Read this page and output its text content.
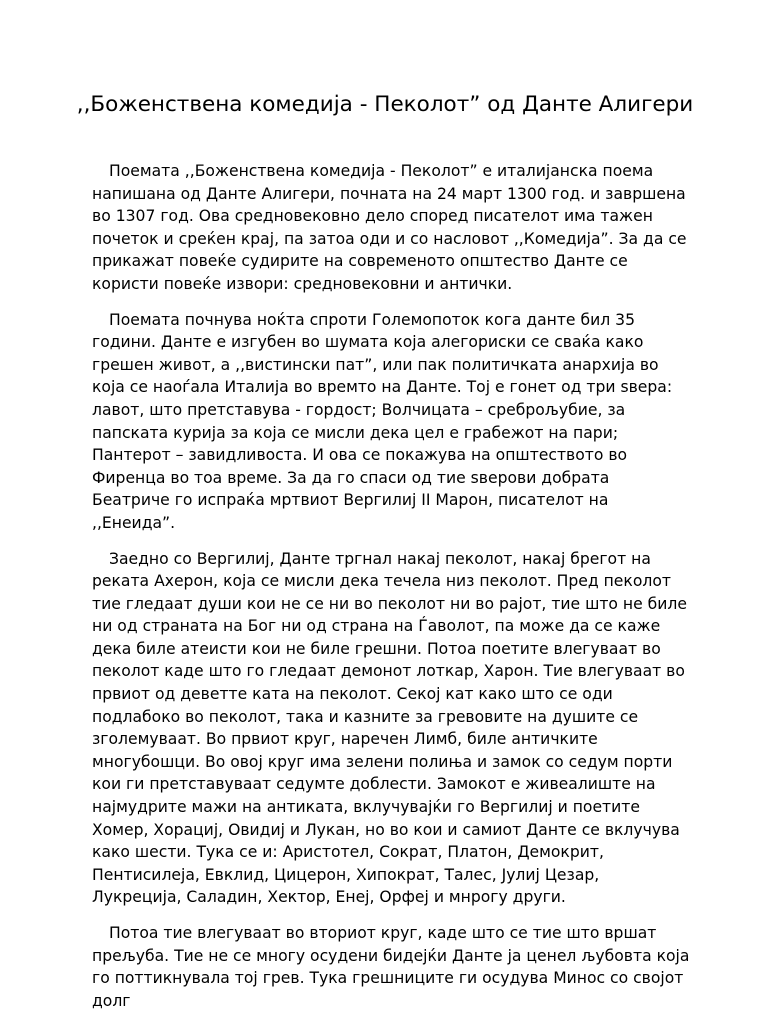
,,Боженствена комедија - Пеколот” од Данте Алигери

Поемата ,,Боженствена комедија - Пеколот” е италијанска поема напишана од Данте Алигери, почната на 24 март 1300 год. и завршена во 1307 год. Ова средновековно дело според писателот има тажен почеток и среќен крај, па затоа оди и со насловот ,,Комедија”. За да се прикажат повеќе судирите на современото општество Данте се користи повеќе извори: средновековни и антички.

Поемата почнува ноќта спроти Големопоток кога данте бил 35 години. Данте е изгубен во шумата која алегориски се сваќа како грешен живот, а ,,вистински пат”, или пак политичката анархија во која се наоѓала Италија во времто на Данте. Тој е гонет од три ѕвера: лавот, што претставува - гордост; Волчицата – среброљубие, за папската курија за која се мисли дека цел е грабежот на пари; Пантерот – завидливоста. И ова се покажува на општеството во Фиренца во тоа време. За да го спаси од тие ѕверови добрата Беатриче го испраќа мртвиот Вергилиј II Марон, писателот на ,,Енеида”.

Заедно со Вергилиј, Данте тргнал накај пеколот, накај брегот на реката Ахерон, која се мисли дека течела низ пеколот. Пред пеколот тие гледаат души кои не се ни во пеколот ни во рајот, тие што не биле ни од страната на Бог ни од страна на Ѓаволот, па може да се каже дека биле атеисти кои не биле грешни. Потоа поетите влегуваат во пеколот каде што го гледаат демонот лоткар, Харон. Тие влегуваат во првиот од деветте ката на пеколот. Секој кат како што се оди подлабоко во пеколот, така и казните за гревовите на душите се зголемуваат. Во првиот круг, наречен Лимб, биле античките многубошци. Во овој круг има зелени полиња и замок со седум порти кои ги претставуваат седумте доблести. Замокот е живеалиште на најмудрите мажи на антиката, вклучувајќи го Вергилиј и поетите Хомер, Хорациј, Овидиј и Лукан, но во кои и самиот Данте се вклучува како шести. Тука се и: Аристотел, Сократ, Платон, Демокрит, Пентисилеја, Евклид, Цицерон, Хипократ, Талес, Јулиј Цезар, Лукреција, Саладин, Хектор, Енеј, Орфеј и мнрогу други.

Потоа тие влегуваат во вториот круг, каде што се тие што вршат прељуба. Тие не се многу осудени бидејќи Данте ја ценел љубовта која го поттикнувала тој грев. Тука грешниците ги осудува Минос со својот долг
